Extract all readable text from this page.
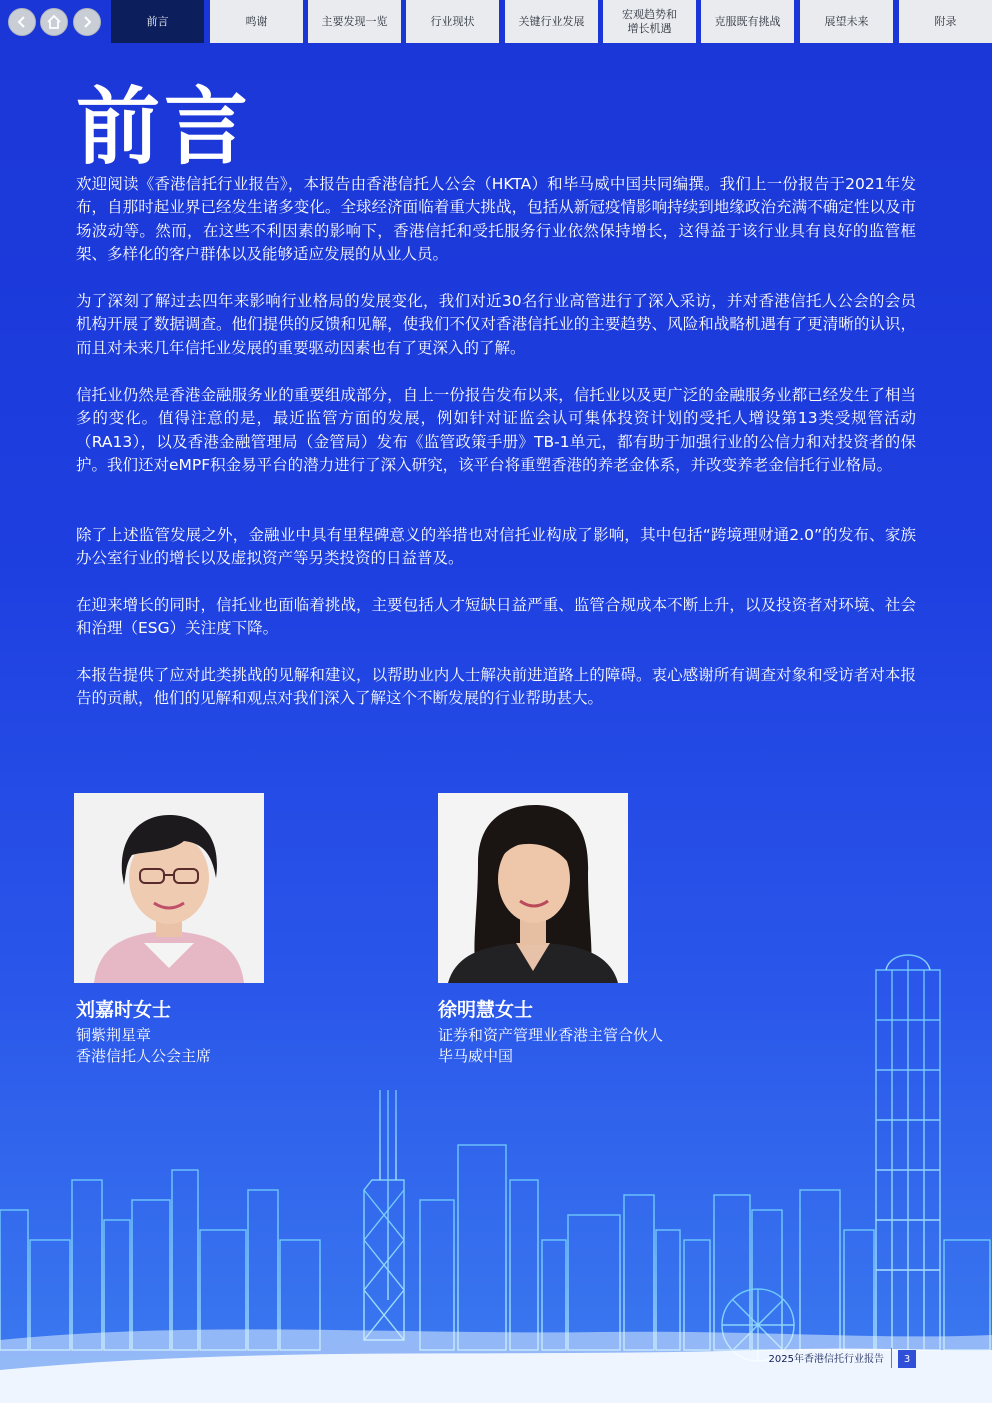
前言	鸣谢	主要发现一览	行业现状	关键行业发展
宏观趋势和
增长机遇
克服既有挑战	展望未来	附录
前言
欢迎阅读《香港信托行业报告》，本报告由香港信托人公会（HKTA）和毕马威中国共同编撰。我们上一份报告于2021年发布，自那时起业界已经发生诸多变化。全球经济面临着重大挑战，包括从新冠疫情影响持续到地缘政治充满不确定性以及市场波动等。然而，在这些不利因素的影响下，香港信托和受托服务行业依然保持增长，这得益于该行业具有良好的监管框架、多样化的客户群体以及能够适应发展的从业人员。
为了深刻了解过去四年来影响行业格局的发展变化，我们对近30名行业高管进行了深入采访，并对香港信托人公会的会员机构开展了数据调查。他们提供的反馈和见解，使我们不仅对香港信托业的主要趋势、风险和战略机遇有了更清晰的认识，而且对未来几年信托业发展的重要驱动因素也有了更深入的了解。
信托业仍然是香港金融服务业的重要组成部分，自上一份报告发布以来，信托业以及更广泛的金融服务业都已经发生了相当多的变化。值得注意的是，最近监管方面的发展，例如针对证监会认可集体投资计划的受托人增设第13类受规管活动（RA13），以及香港金融管理局（金管局）发布《监管政策手册》TB-1单元，都有助于加强行业的公信力和对投资者的保护。我们还对eMPF积金易平台的潜力进行了深入研究，该平台将重塑香港的养老金体系，并改变养老金信托行业格局。
除了上述监管发展之外，金融业中具有里程碑意义的举措也对信托业构成了影响，其中包括“跨境理财通2.0”的发布、家族办公室行业的增长以及虚拟资产等另类投资的日益普及。
在迎来增长的同时，信托业也面临着挑战，主要包括人才短缺日益严重、监管合规成本不断上升，以及投资者对环境、社会和治理（ESG）关注度下降。
本报告提供了应对此类挑战的见解和建议，以帮助业内人士解决前进道路上的障碍。衷心感谢所有调查对象和受访者对本报告的贡献，他们的见解和观点对我们深入了解这个不断发展的行业帮助甚大。
刘嘉时女士
铜紫荆星章
香港信托人公会主席
徐明慧女士
证券和资产管理业香港主管合伙人
毕马威中国
2025年香港信托行业报告	3
